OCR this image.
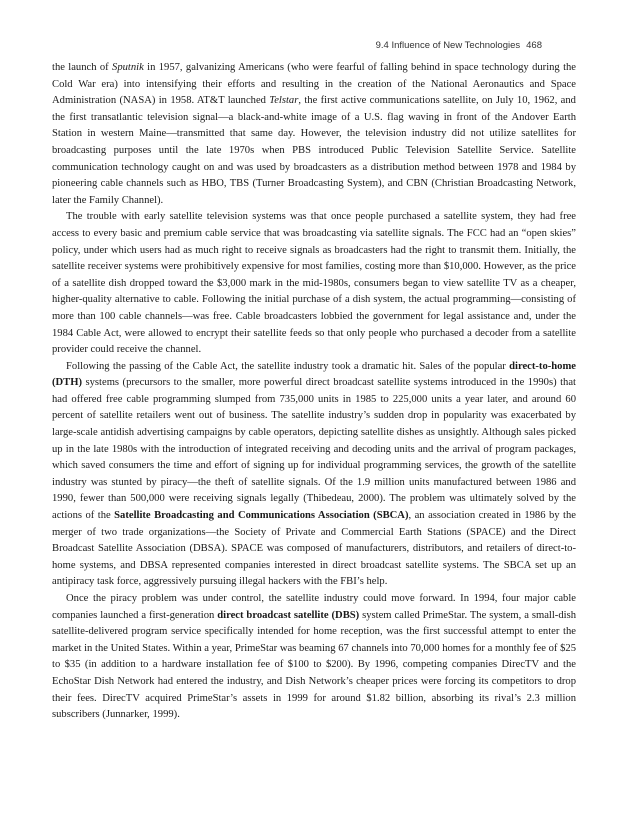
9.4 Influence of New Technologies 468

the launch of Sputnik in 1957, galvanizing Americans (who were fearful of falling behind in space technology during the Cold War era) into intensifying their efforts and resulting in the creation of the National Aeronautics and Space Administration (NASA) in 1958. AT&T launched Telstar, the first active communications satellite, on July 10, 1962, and the first transatlantic television signal—a black-and-white image of a U.S. flag waving in front of the Andover Earth Station in western Maine—transmitted that same day. However, the television industry did not utilize satellites for broadcasting purposes until the late 1970s when PBS introduced Public Television Satellite Service. Satellite communication technology caught on and was used by broadcasters as a distribution method between 1978 and 1984 by pioneering cable channels such as HBO, TBS (Turner Broadcasting System), and CBN (Christian Broadcasting Network, later the Family Channel).

The trouble with early satellite television systems was that once people purchased a satellite system, they had free access to every basic and premium cable service that was broadcasting via satellite signals. The FCC had an “open skies” policy, under which users had as much right to receive signals as broadcasters had the right to transmit them. Initially, the satellite receiver systems were prohibitively expensive for most families, costing more than $10,000. However, as the price of a satellite dish dropped toward the $3,000 mark in the mid-1980s, consumers began to view satellite TV as a cheaper, higher-quality alternative to cable. Following the initial purchase of a dish system, the actual programming—consisting of more than 100 cable channels—was free. Cable broadcasters lobbied the government for legal assistance and, under the 1984 Cable Act, were allowed to encrypt their satellite feeds so that only people who purchased a decoder from a satellite provider could receive the channel.

Following the passing of the Cable Act, the satellite industry took a dramatic hit. Sales of the popular direct-to-home (DTH) systems (precursors to the smaller, more powerful direct broadcast satellite systems introduced in the 1990s) that had offered free cable programming slumped from 735,000 units in 1985 to 225,000 units a year later, and around 60 percent of satellite retailers went out of business. The satellite industry’s sudden drop in popularity was exacerbated by large-scale antidish advertising campaigns by cable operators, depicting satellite dishes as unsightly. Although sales picked up in the late 1980s with the introduction of integrated receiving and decoding units and the arrival of program packages, which saved consumers the time and effort of signing up for individual programming services, the growth of the satellite industry was stunted by piracy—the theft of satellite signals. Of the 1.9 million units manufactured between 1986 and 1990, fewer than 500,000 were receiving signals legally (Thibedeau, 2000). The problem was ultimately solved by the actions of the Satellite Broadcasting and Communications Association (SBCA), an association created in 1986 by the merger of two trade organizations—the Society of Private and Commercial Earth Stations (SPACE) and the Direct Broadcast Satellite Association (DBSA). SPACE was composed of manufacturers, distributors, and retailers of direct-to-home systems, and DBSA represented companies interested in direct broadcast satellite systems. The SBCA set up an antipiracy task force, aggressively pursuing illegal hackers with the FBI’s help.

Once the piracy problem was under control, the satellite industry could move forward. In 1994, four major cable companies launched a first-generation direct broadcast satellite (DBS) system called PrimeStar. The system, a small-dish satellite-delivered program service specifically intended for home reception, was the first successful attempt to enter the market in the United States. Within a year, PrimeStar was beaming 67 channels into 70,000 homes for a monthly fee of $25 to $35 (in addition to a hardware installation fee of $100 to $200). By 1996, competing companies DirecTV and the EchoStar Dish Network had entered the industry, and Dish Network’s cheaper prices were forcing its competitors to drop their fees. DirecTV acquired PrimeStar’s assets in 1999 for around $1.82 billion, absorbing its rival’s 2.3 million subscribers (Junnarker, 1999).
